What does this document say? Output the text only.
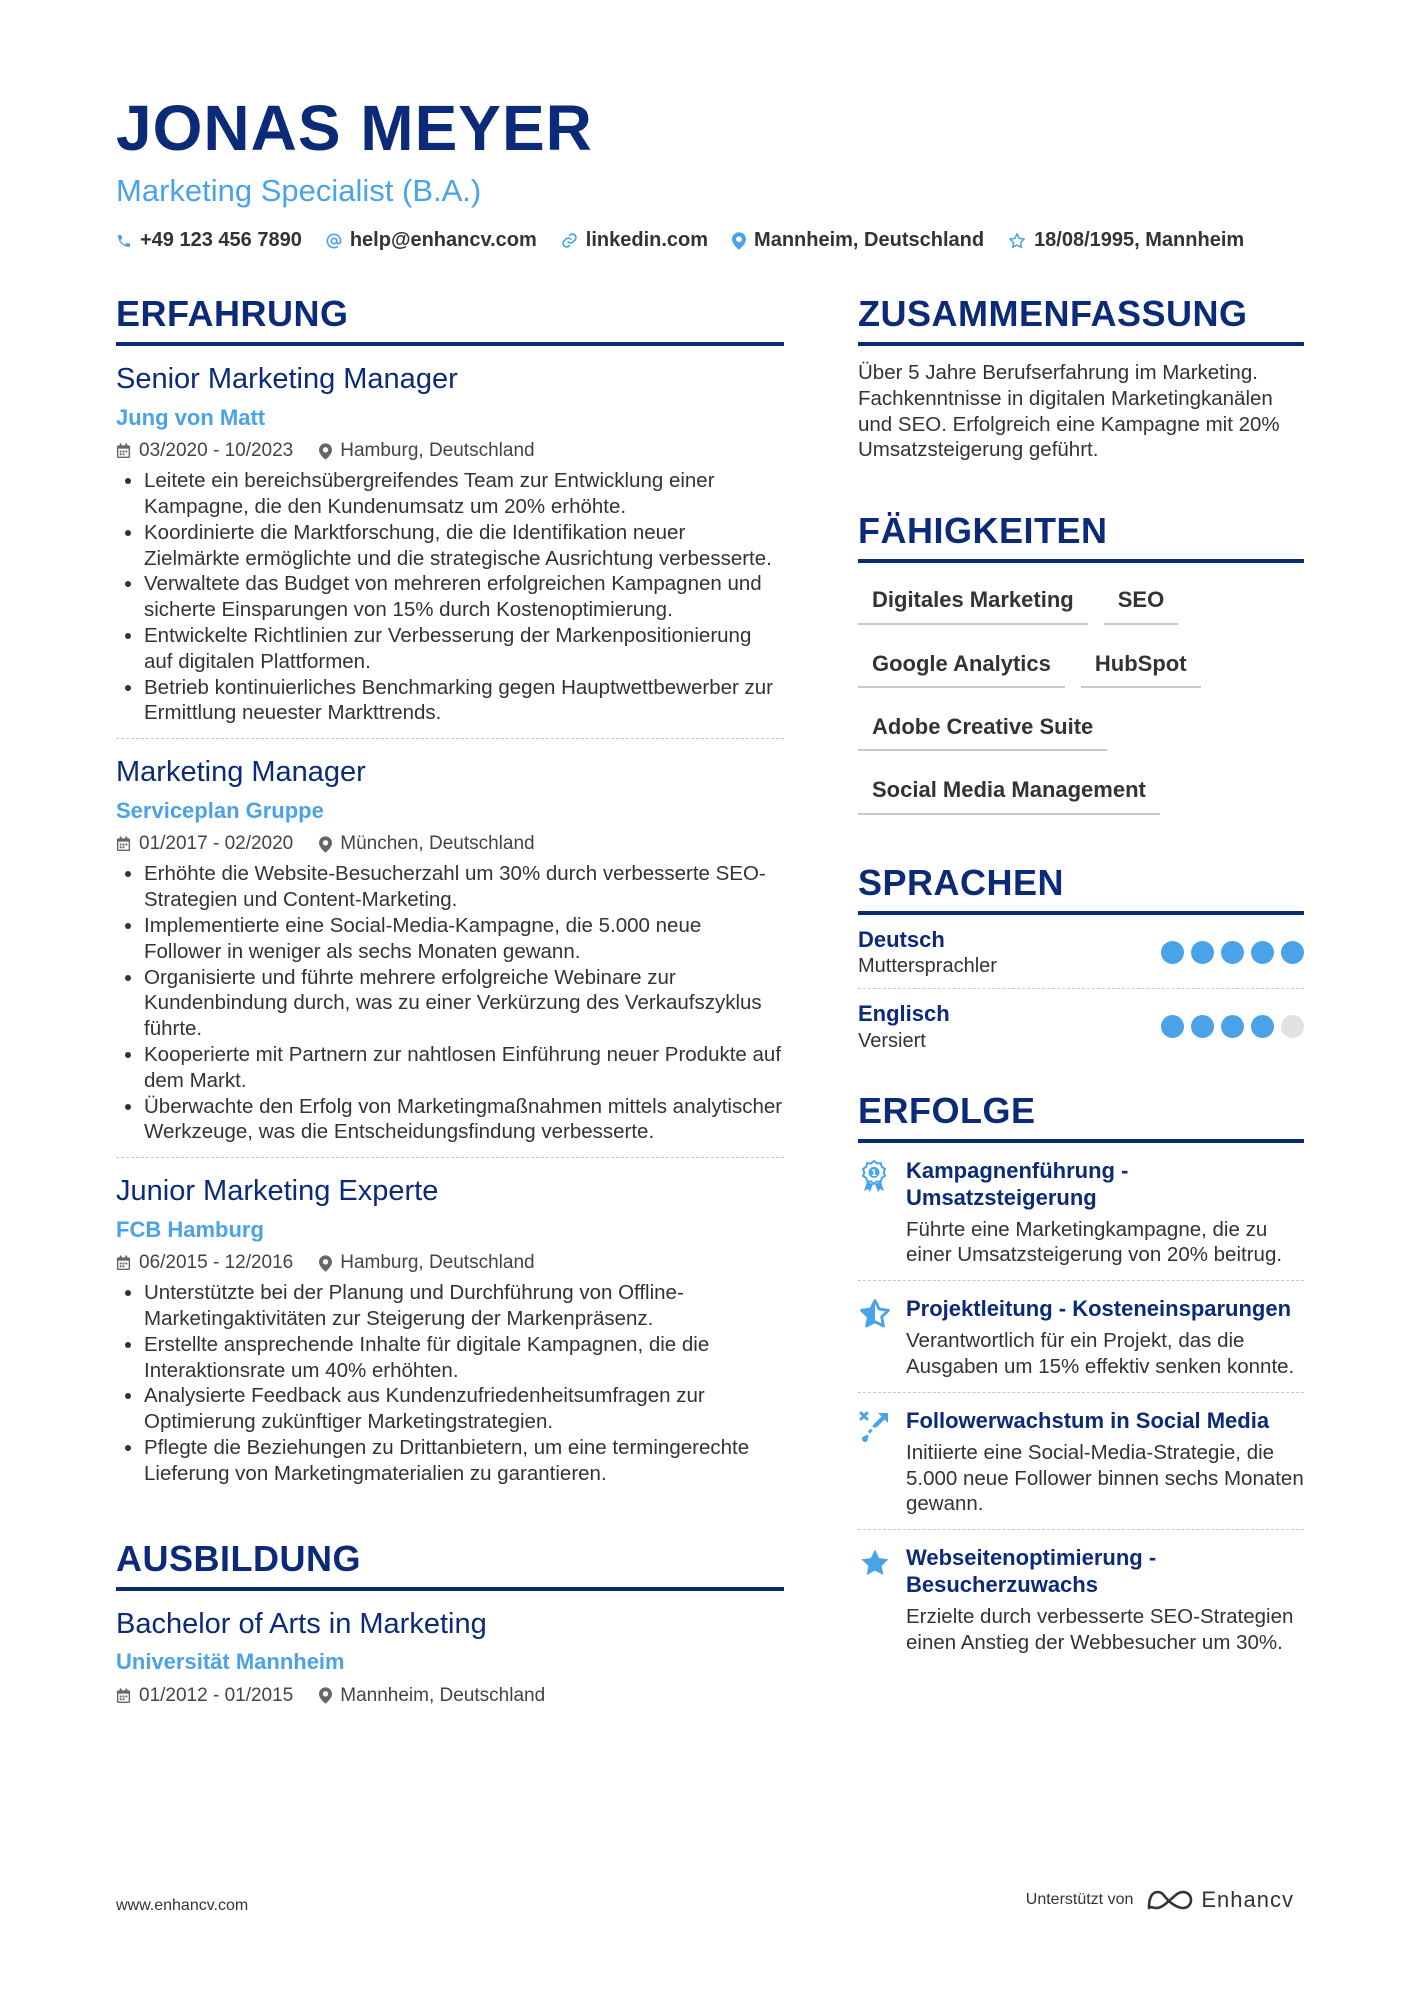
JONAS MEYER
Marketing Specialist (B.A.)
+49 123 456 7890 help@enhancv.com linkedin.com Mannheim, Deutschland	18/08/1995, Mannheim
ERFAHRUNG
Senior Marketing Manager
Jung von Matt
03/2020 - 10/2023 Hamburg, Deutschland
• Leitete ein bereichsübergreifendes Team zur Entwicklung einer Kampagne, die den Kundenumsatz um 20% erhöhte.
• Koordinierte die Marktforschung, die die Identifikation neuer Zielmärkte ermöglichte und die strategische Ausrichtung verbesserte.
• Verwaltete das Budget von mehreren erfolgreichen Kampagnen und sicherte Einsparungen von 15% durch Kostenoptimierung.
• Entwickelte Richtlinien zur Verbesserung der Markenpositionierung auf digitalen Plattformen.
• Betrieb kontinuierliches Benchmarking gegen Hauptwettbewerber zur Ermittlung neuester Markttrends.
Marketing Manager
Serviceplan Gruppe
01/2017 - 02/2020 München, Deutschland
• Erhöhte die Website-Besucherzahl um 30% durch verbesserte SEO-Strategien und Content-Marketing.
• Implementierte eine Social-Media-Kampagne, die 5.000 neue Follower in weniger als sechs Monaten gewann.
• Organisierte und führte mehrere erfolgreiche Webinare zur Kundenbindung durch, was zu einer Verkürzung des Verkaufszyklus führte.
• Kooperierte mit Partnern zur nahtlosen Einführung neuer Produkte auf dem Markt.
• Überwachte den Erfolg von Marketingmaßnahmen mittels analytischer Werkzeuge, was die Entscheidungsfindung verbesserte.
Junior Marketing Experte
FCB Hamburg
06/2015 - 12/2016 Hamburg, Deutschland
• Unterstützte bei der Planung und Durchführung von Offline-Marketingaktivitäten zur Steigerung der Markenpräsenz.
• Erstellte ansprechende Inhalte für digitale Kampagnen, die die Interaktionsrate um 40% erhöhten.
• Analysierte Feedback aus Kundenzufriedenheitsumfragen zur Optimierung zukünftiger Marketingstrategien.
• Pflegte die Beziehungen zu Drittanbietern, um eine termingerechte Lieferung von Marketingmaterialien zu garantieren.
AUSBILDUNG
Bachelor of Arts in Marketing
Universität Mannheim
01/2012 - 01/2015 Mannheim, Deutschland
ZUSAMMENFASSUNG
Über 5 Jahre Berufserfahrung im Marketing. Fachkenntnisse in digitalen Marketingkanälen und SEO. Erfolgreich eine Kampagne mit 20% Umsatzsteigerung geführt.
FÄHIGKEITEN
Digitales Marketing	SEO
Google Analytics	HubSpot
Adobe Creative Suite
Social Media Management
SPRACHEN
Deutsch
Muttersprachler
Englisch
Versiert
ERFOLGE
1 Kampagnenführung - Umsatzsteigerung
Führte eine Marketingkampagne, die zu einer Umsatzsteigerung von 20% beitrug.
Projektleitung - Kosteneinsparungen
Verantwortlich für ein Projekt, das die Ausgaben um 15% effektiv senken konnte.
Followerwachstum in Social Media
Initiierte eine Social-Media-Strategie, die 5.000 neue Follower binnen sechs Monaten gewann.
Webseitenoptimierung - Besucherzuwachs
Erzielte durch verbesserte SEO-Strategien einen Anstieg der Webbesucher um 30%.
www.enhancv.com	Unterstützt von	Enhancv
